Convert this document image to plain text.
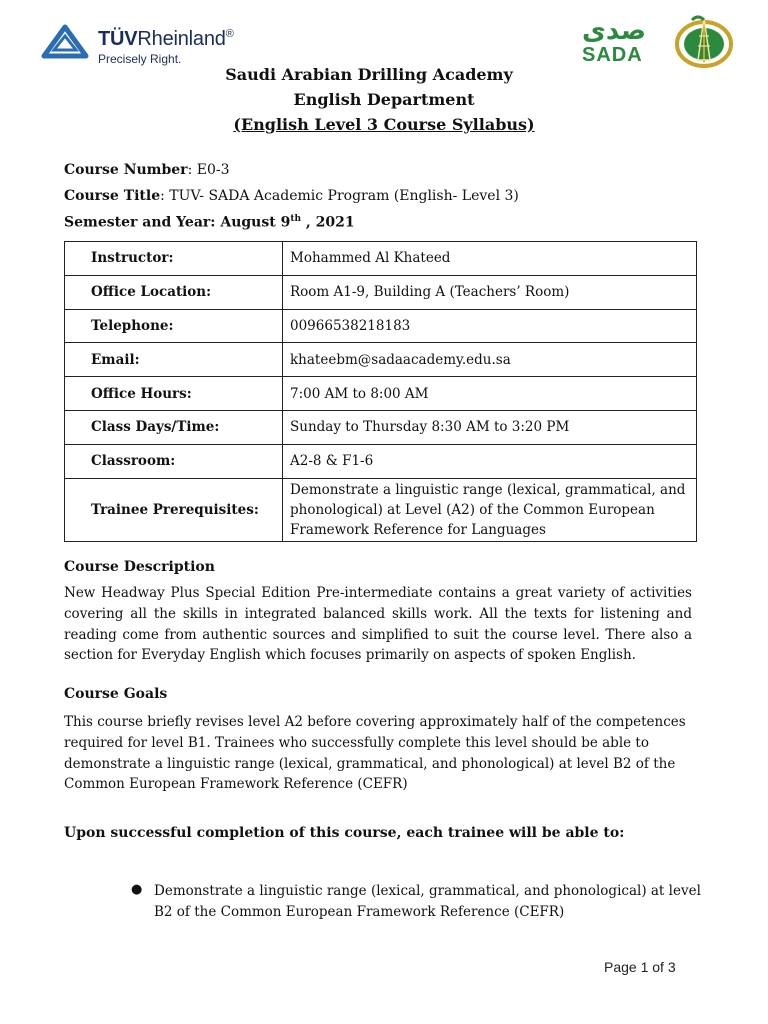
TÜVRheinland®
Precisely Right.
صدى
SADA
Saudi Arabian Drilling Academy
English Department
(English Level 3 Course Syllabus)
Course Number: E0-3
Course Title: TUV- SADA Academic Program (English- Level 3)
Semester and Year: August 9th , 2021
Instructor:	Mohammed Al Khateed
Office Location:	Room A1-9, Building A (Teachers’ Room)
Telephone:	00966538218183
Email:	khateebm@sadaacademy.edu.sa
Office Hours:	7:00 AM to 8:00 AM
Class Days/Time:	Sunday to Thursday 8:30 AM to 3:20 PM
Classroom:	A2-8 & F1-6
Trainee Prerequisites:	Demonstrate a linguistic range (lexical, grammatical, and phonological) at Level (A2) of the Common European Framework Reference for Languages
Course Description
New Headway Plus Special Edition Pre-intermediate contains a great variety of activities covering all the skills in integrated balanced skills work. All the texts for listening and reading come from authentic sources and simplified to suit the course level. There also a section for Everyday English which focuses primarily on aspects of spoken English.
Course Goals
This course briefly revises level A2 before covering approximately half of the competences required for level B1. Trainees who successfully complete this level should be able to demonstrate a linguistic range (lexical, grammatical, and phonological) at level B2 of the Common European Framework Reference (CEFR)
Upon successful completion of this course, each trainee will be able to:
● Demonstrate a linguistic range (lexical, grammatical, and phonological) at level B2 of the Common European Framework Reference (CEFR)
Page 1 of 3
